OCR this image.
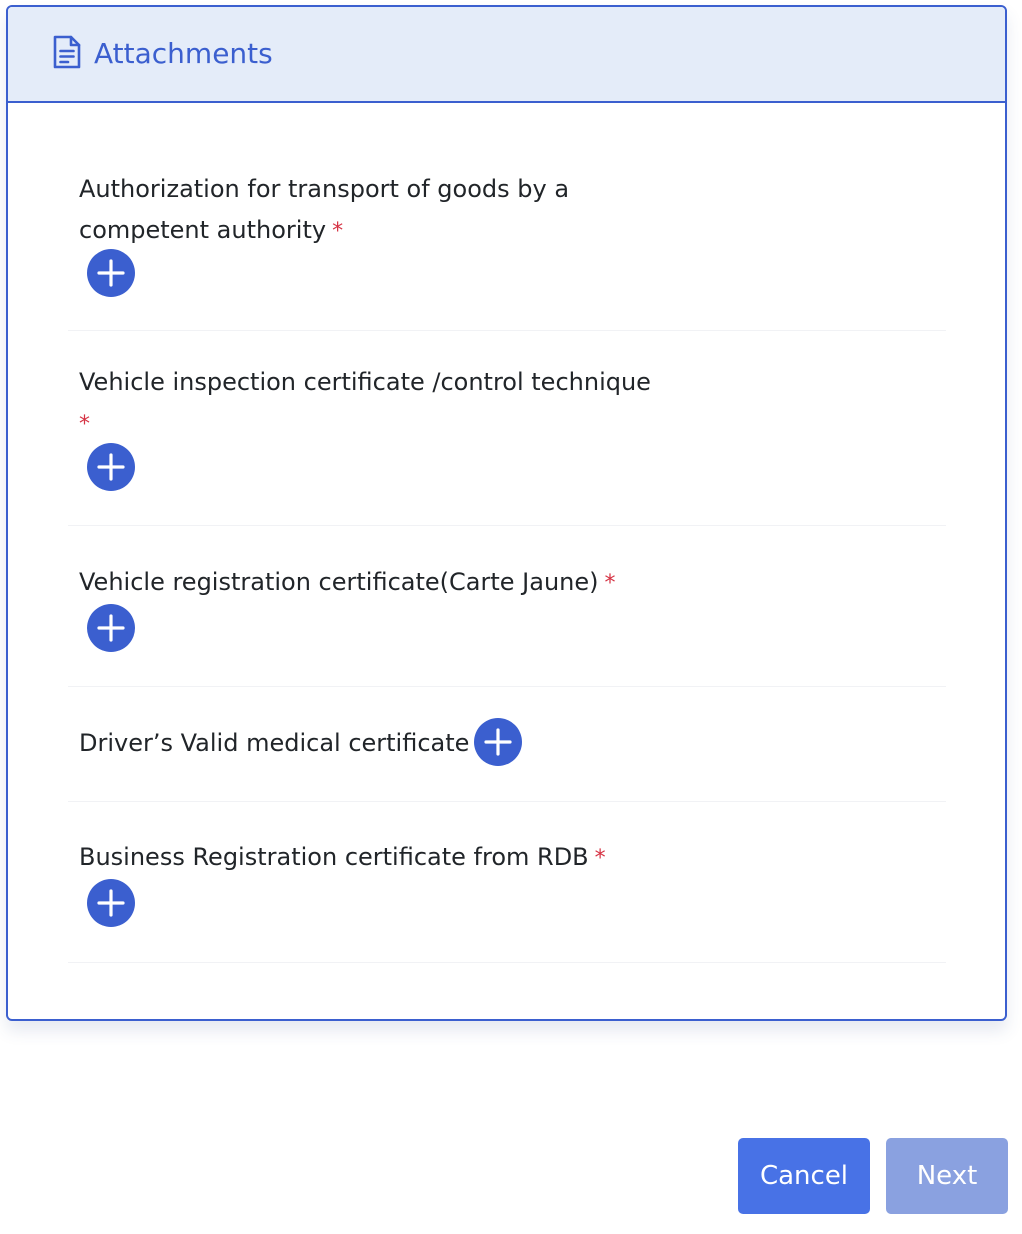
Attachments
Authorization for transport of goods by a
competent authority *
Vehicle inspection certificate /control technique
*
Vehicle registration certificate(Carte Jaune) *
Driver’s Valid medical certificate
Business Registration certificate from RDB *
Cancel	Next
